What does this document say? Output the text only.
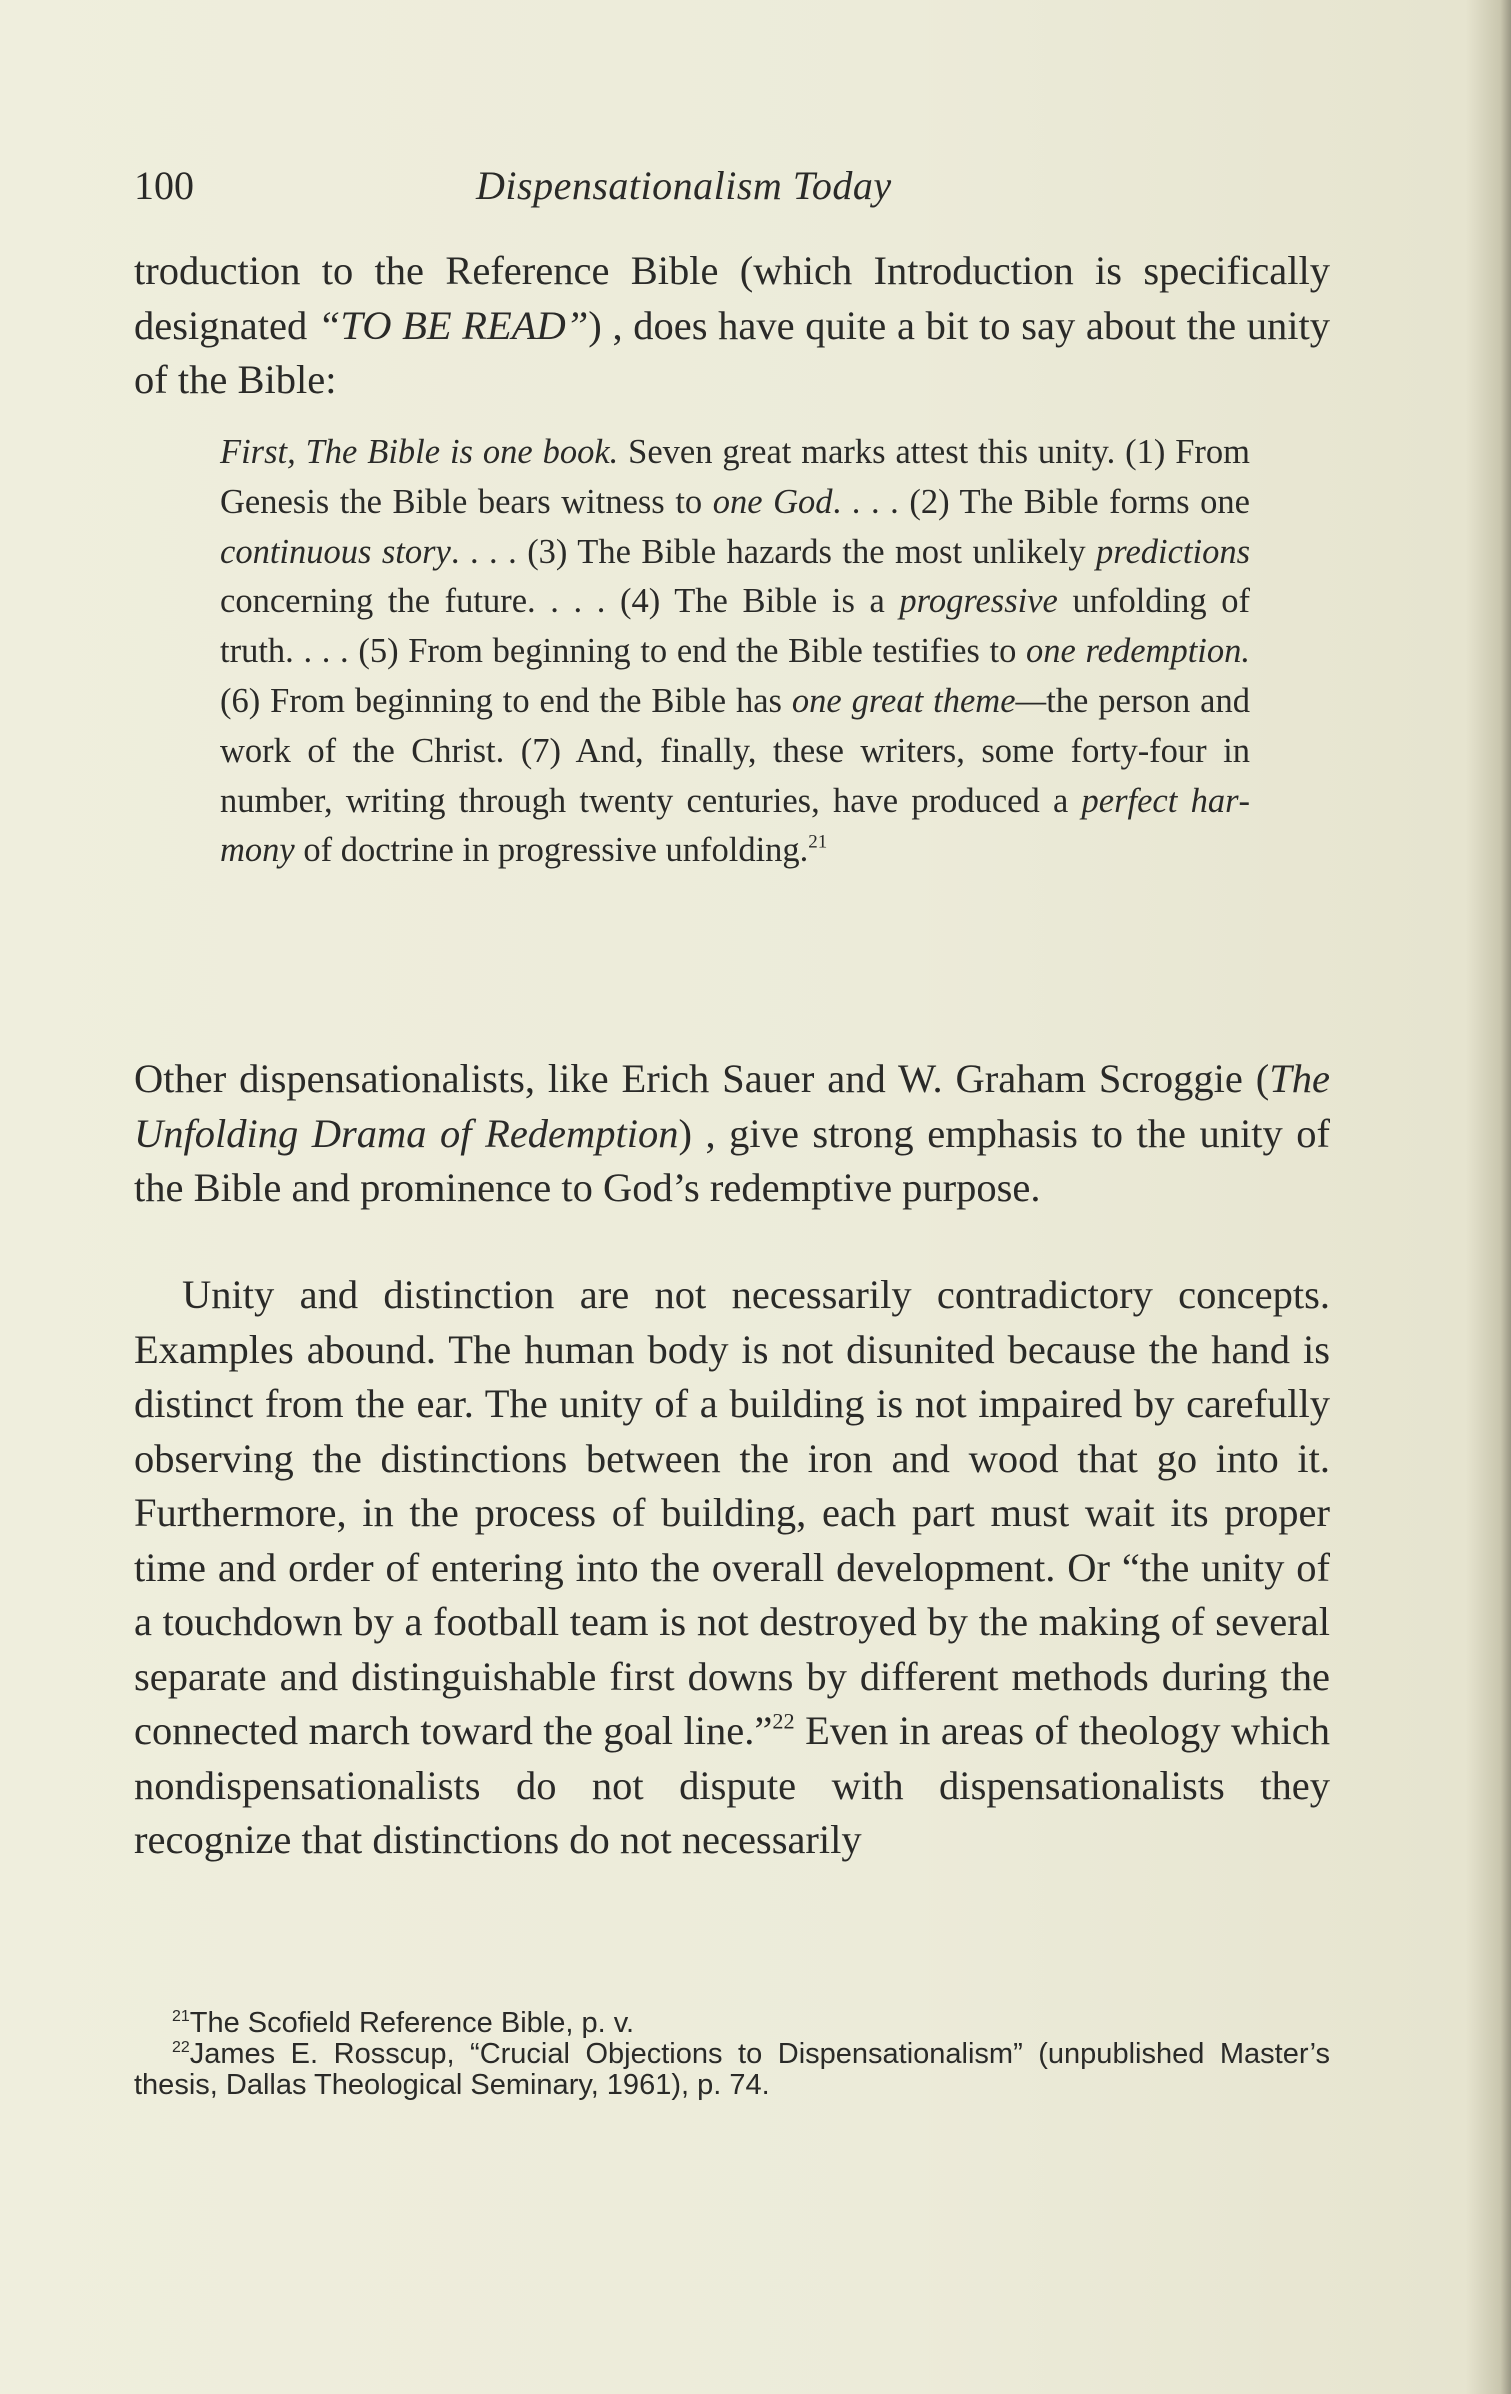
100	Dispensationalism Today

troduction to the Reference Bible (which Introduction is specifically designated “TO BE READ”) , does have quite a bit to say about the unity of the Bible:

First, The Bible is one book. Seven great marks attest this unity. (1) From Genesis the Bible bears witness to one God. . . . (2) The Bible forms one continuous story. . . . (3) The Bible hazards the most unlikely predictions concerning the future. . . . (4) The Bible is a progressive unfolding of truth. . . . (5) From beginning to end the Bible testifies to one redemption. (6) From beginning to end the Bible has one great theme—the person and work of the Christ. (7) And, finally, these writers, some forty-four in number, writing through twenty centuries, have produced a perfect harmony of doctrine in progressive unfolding.$^{21}$

Other dispensationalists, like Erich Sauer and W. Graham Scroggie (The Unfolding Drama of Redemption) , give strong emphasis to the unity of the Bible and prominence to God’s redemptive purpose.

Unity and distinction are not necessarily contradictory concepts. Examples abound. The human body is not disunited because the hand is distinct from the ear. The unity of a building is not impaired by carefully observing the distinctions between the iron and wood that go into it. Furthermore, in the process of building, each part must wait its proper time and order of entering into the overall development. Or “the unity of a touchdown by a football team is not destroyed by the making of several separate and distinguishable first downs by different methods during the connected march toward the goal line.”$^{22}$ Even in areas of theology which nondispensationalists do not dispute with dispensationalists they recognize that distinctions do not necessarily

$^{21}$The Scofield Reference Bible, p. v.

$^{22}$James E. Rosscup, “Crucial Objections to Dispensationalism” (unpublished Master’s thesis, Dallas Theological Seminary, 1961), p. 74.
